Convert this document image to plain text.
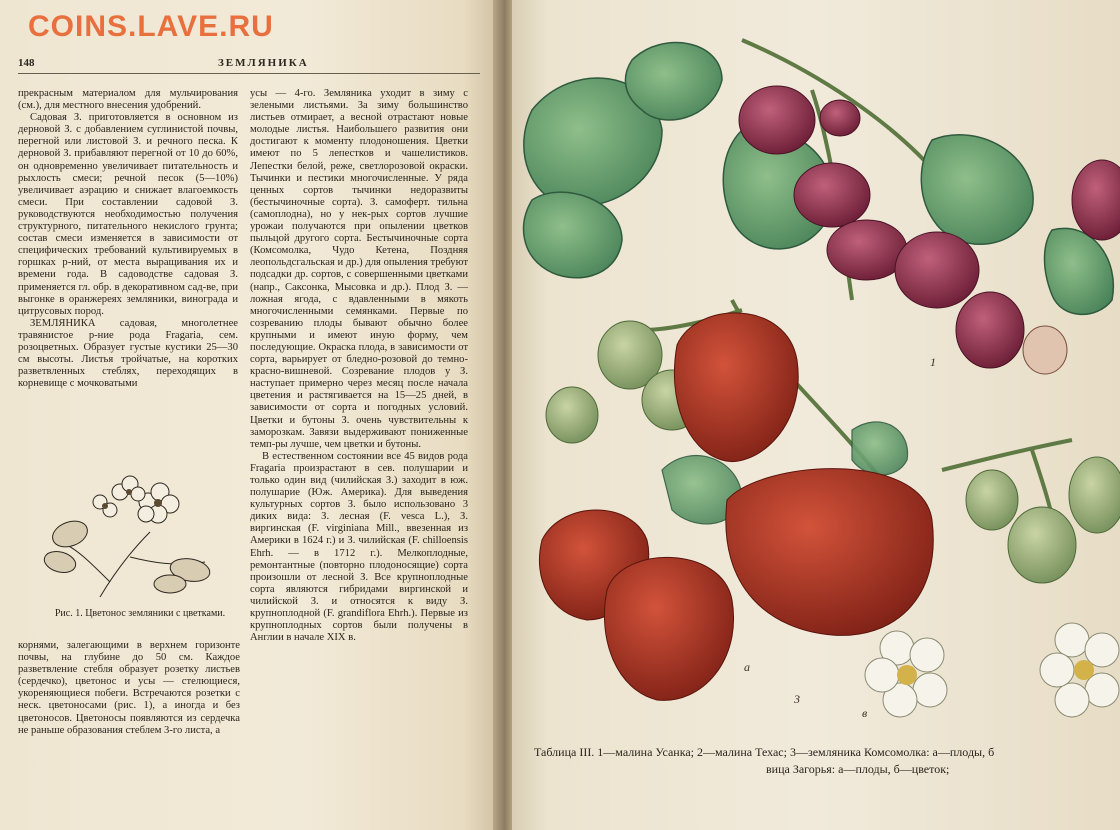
148	ЗЕМЛЯНИКА

прекрасным материалом для мульчирования (см.), для местного внесения удобрений.

Садовая З. приготовляется в основном из дерновой З. с добавлением суглинистой почвы, перегной или листовой З. и речного песка. К дерновой З. прибавляют перегной от 10 до 60%, он одновременно увеличивает питательность и рыхлость смеси; речной песок (5—10%) увеличивает аэрацию и снижает влагоемкость смеси. При составлении садовой З. руководствуются необходимостью получения структурного, питательного некислого грунта; состав смеси изменяется в зависимости от специфических требований культивируемых в горшках р-ний, от места выращивания их и времени года. В садоводстве садовая З. применяется гл. обр. в декоративном сад-ве, при выгонке в оранжереях земляники, винограда и цитрусовых пород.

ЗЕМЛЯНИКА садовая, многолетнее травянистое р-ние рода Fragaria, сем. розоцветных. Образует густые кустики 25—30 см высоты. Листья тройчатые, на коротких разветвленных стеблях, переходящих в корневище с мочковатыми

Рис. 1. Цветонос земляники с цветками.

корнями, залегающими в верхнем горизонте почвы, на глубине до 50 см. Каждое разветвление стебля образует розетку листьев (сердечко), цветонос и усы — стелющиеся, укореняющиеся побеги. Встречаются розетки с неск. цветоносами (рис. 1), а иногда и без цветоносов. Цветоносы появляются из сердечка не раньше образования стеблем 3-го листа, а

усы — 4-го. Земляника уходит в зиму с зелеными листьями. За зиму большинство листьев отмирает, а весной отрастают новые молодые листья. Наибольшего развития они достигают к моменту плодоношения. Цветки имеют по 5 лепестков и чашелистиков. Лепестки белой, реже, светлорозовой окраски. Тычинки и пестики многочисленные. У ряда ценных сортов тычинки недоразвиты (бестычиночные сорта). З. самоферт. тильна (самоплодна), но у нек-рых сортов лучшие урожаи получаются при опылении цветков пыльцой другого сорта. Бестычиночные сорта (Комсомолка, Чудо Кетена, Поздняя леопольдсгальская и др.) для опыления требуют подсадки др. сортов, с совершенными цветками (напр., Саксонка, Мысовка и др.). Плод З. — ложная ягода, с вдавленными в мякоть многочисленными семянками. Первые по созреванию плоды бывают обычно более крупными и имеют иную форму, чем последующие. Окраска плода, в зависимости от сорта, варьирует от бледно-розовой до темно-красно-вишневой. Созревание плодов у З. наступает примерно через месяц после начала цветения и растягивается на 15—25 дней, в зависимости от сорта и погодных условий. Цветки и бутоны З. очень чувствительны к заморозкам. Завязи выдерживают пониженные темп-ры лучше, чем цветки и бутоны.

В естественном состоянии все 45 видов рода Fragaria произрастают в сев. полушарии и только один вид (чилийская З.) заходит в юж. полушарие (Юж. Америка). Для выведения культурных сортов З. было использовано 3 диких вида: З. лесная (F. vesca L.), З. виргинская (F. virginiana Mill., ввезенная из Америки в 1624 г.) и З. чилийская (F. chilloensis Ehrh. — в 1712 г.). Мелкоплодные, ремонтантные (повторно плодоносящие) сорта произошли от лесной З. Все крупноплодные сорта являются гибридами виргинской и чилийской З. и относятся к виду З. крупноплодной (F. grandiflora Ehrh.). Первые из крупноплодных сортов были получены в Англии в начале XIX в.

1
а
3
в
Таблица III. 1—малина Усанка; 2—малина Техас; 3—земляника Комсомолка: а—плоды, б
вица Загорья: а—плоды, б—цветок;
COINS.LAVE.RU
